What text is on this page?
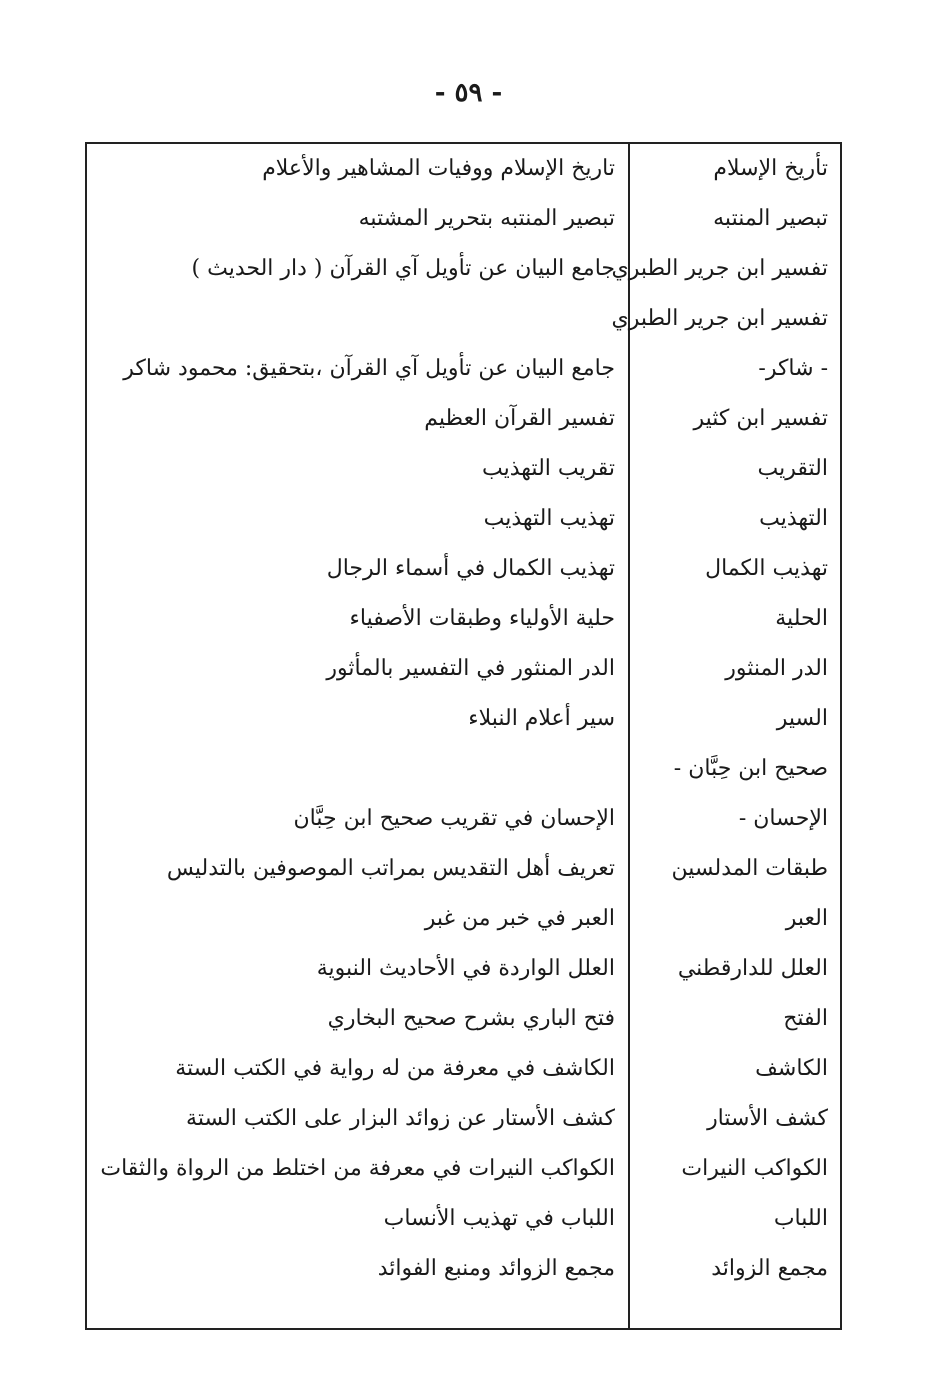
- ٥٩ -
تأريخ الإسلام
تاريخ الإسلام ووفيات المشاهير والأعلام
تبصير المنتبه
تبصير المنتبه بتحرير المشتبه
تفسير ابن جرير الطبري
جامع البيان عن تأويل آي القرآن ( دار الحديث )
تفسير ابن جرير الطبري
- شاكر-
جامع البيان عن تأويل آي القرآن ،بتحقيق: محمود شاكر
تفسير ابن كثير
تفسير القرآن العظيم
التقريب
تقريب التهذيب
التهذيب
تهذيب التهذيب
تهذيب الكمال
تهذيب الكمال في أسماء الرجال
الحلية
حلية الأولياء وطبقات الأصفياء
الدر المنثور
الدر المنثور في التفسير بالمأثور
السير
سير أعلام النبلاء
صحيح ابن حِبَّان -
الإحسان -
الإحسان في تقريب صحيح ابن حِبَّان
طبقات المدلسين
تعريف أهل التقديس بمراتب الموصوفين بالتدليس
العبر
العبر في خبر من غبر
العلل للدارقطني
العلل الواردة في الأحاديث النبوية
الفتح
فتح الباري بشرح صحيح البخاري
الكاشف
الكاشف في معرفة من له رواية في الكتب الستة
كشف الأستار
كشف الأستار عن زوائد البزار على الكتب الستة
الكواكب النيرات
الكواكب النيرات في معرفة من اختلط من الرواة والثقات
اللباب
اللباب في تهذيب الأنساب
مجمع الزوائد
مجمع الزوائد ومنبع الفوائد
